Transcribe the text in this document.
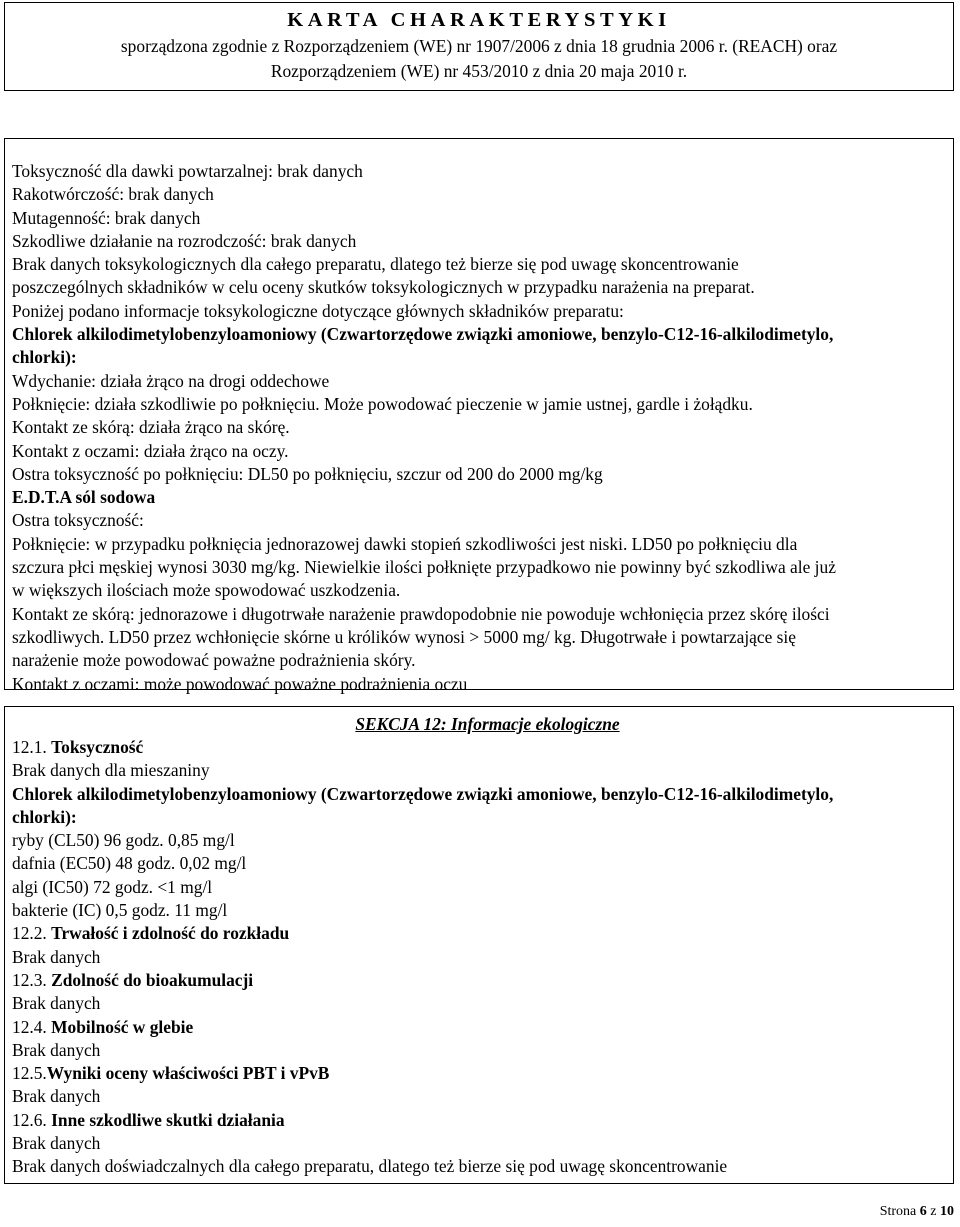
KARTA CHARAKTERYSTYKI
sporządzona zgodnie z Rozporządzeniem (WE) nr 1907/2006 z dnia 18 grudnia 2006 r. (REACH) oraz
Rozporządzeniem (WE) nr 453/2010 z dnia 20 maja 2010 r.
Toksyczność dla dawki powtarzalnej: brak danych
Rakotwórczość: brak danych
Mutagenność: brak danych
Szkodliwe działanie na rozrodczość: brak danych
Brak danych toksykologicznych dla całego preparatu, dlatego też bierze się pod uwagę skoncentrowanie
poszczególnych składników w celu oceny skutków toksykologicznych w przypadku narażenia na preparat.
Poniżej podano informacje toksykologiczne dotyczące głównych składników preparatu:
Chlorek alkilodimetylobenzyloamoniowy (Czwartorzędowe związki amoniowe, benzylo-C12-16-alkilodimetylo,
chlorki):
Wdychanie: działa żrąco na drogi oddechowe
Połknięcie: działa szkodliwie po połknięciu. Może powodować pieczenie w jamie ustnej, gardle i żołądku.
Kontakt ze skórą: działa żrąco na skórę.
Kontakt z oczami: działa żrąco na oczy.
Ostra toksyczność po połknięciu: DL50 po połknięciu, szczur od 200 do 2000 mg/kg
E.D.T.A sól sodowa
Ostra toksyczność:
Połknięcie: w przypadku połknięcia jednorazowej dawki stopień szkodliwości jest niski. LD50 po połknięciu dla
szczura płci męskiej wynosi 3030 mg/kg. Niewielkie ilości połknięte przypadkowo nie powinny być szkodliwa ale już
w większych ilościach może spowodować uszkodzenia.
Kontakt ze skórą: jednorazowe i długotrwałe narażenie prawdopodobnie nie powoduje wchłonięcia przez skórę ilości
szkodliwych. LD50 przez wchłonięcie skórne u królików wynosi > 5000 mg/ kg. Długotrwałe i powtarzające się
narażenie może powodować poważne podrażnienia skóry.
Kontakt z oczami: może powodować poważne podrażnienia oczu
SEKCJA 12: Informacje ekologiczne
12.1. Toksyczność
Brak danych dla mieszaniny
Chlorek alkilodimetylobenzyloamoniowy (Czwartorzędowe związki amoniowe, benzylo-C12-16-alkilodimetylo,
chlorki):
ryby (CL50) 96 godz. 0,85 mg/l
dafnia (EC50) 48 godz. 0,02 mg/l
algi (IC50) 72 godz. <1 mg/l
bakterie (IC) 0,5 godz. 11 mg/l
12.2. Trwałość i zdolność do rozkładu
Brak danych
12.3. Zdolność do bioakumulacji
Brak danych
12.4. Mobilność w glebie
Brak danych
12.5.Wyniki oceny właściwości PBT i vPvB
Brak danych
12.6. Inne szkodliwe skutki działania
Brak danych
Brak danych doświadczalnych dla całego preparatu, dlatego też bierze się pod uwagę skoncentrowanie
Strona 6 z 10
